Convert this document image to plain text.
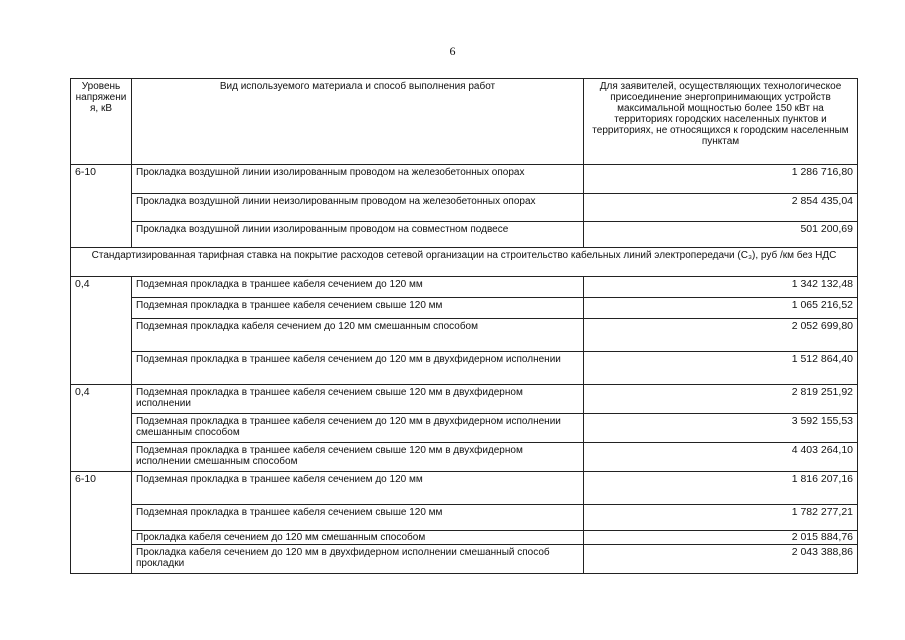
6
Уровень напряжени я, кВ	Вид используемого материала и способ выполнения работ	Для заявителей, осуществляющих технологическое присоединение энергопринимающих устройств максимальной мощностью более 150 кВт на территориях городских населенных пунктов и территориях, не относящихся к городским населенным пунктам
6-10	Прокладка воздушной линии изолированным проводом на железобетонных опорах	1 286 716,80
	Прокладка воздушной линии неизолированным проводом на железобетонных опорах	2 854 435,04
	Прокладка воздушной линии изолированным проводом на совместном подвесе	501 200,69
Стандартизированная тарифная ставка на покрытие расходов сетевой организации на строительство кабельных линий электропередачи (C₃), руб /км без НДС		
0,4	Подземная прокладка в траншее кабеля сечением до 120 мм	1 342 132,48
	Подземная прокладка в траншее кабеля сечением свыше 120 мм	1 065 216,52
	Подземная прокладка кабеля сечением до 120 мм смешанным способом	2 052 699,80
	Подземная прокладка в траншее кабеля сечением до 120 мм в двухфидерном исполнении	1 512 864,40
0,4	Подземная прокладка в траншее кабеля сечением свыше 120 мм в двухфидерном исполнении	2 819 251,92
	Подземная прокладка в траншее кабеля сечением до 120 мм в двухфидерном исполнении смешанным способом	3 592 155,53
	Подземная прокладка в траншее кабеля сечением свыше 120 мм в двухфидерном исполнении смешанным способом	4 403 264,10
6-10	Подземная прокладка в траншее кабеля сечением до 120 мм	1 816 207,16
	Подземная прокладка в траншее кабеля сечением свыше 120 мм	1 782 277,21
	Прокладка кабеля сечением до 120 мм смешанным способом	2 015 884,76
	Прокладка кабеля сечением до 120 мм в двухфидерном исполнении смешанный способ прокладки	2 043 388,86
